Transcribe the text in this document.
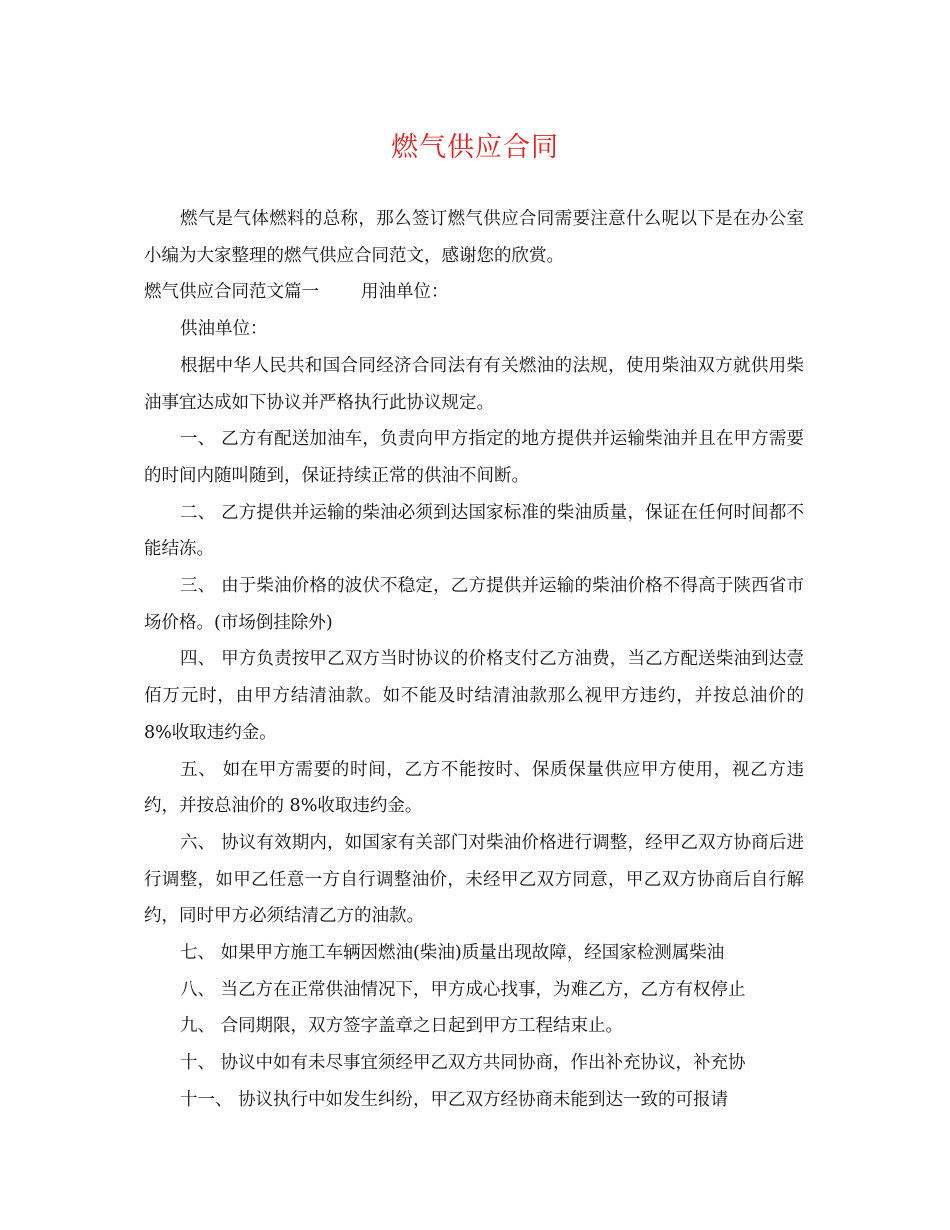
燃气供应合同

燃气是气体燃料的总称，那么签订燃气供应合同需要注意什么呢以下是在办公室小编为大家整理的燃气供应合同范文，感谢您的欣赏。

燃气供应合同范文篇一 用油单位：

供油单位：

根据中华人民共和国合同经济合同法有有关燃油的法规，使用柴油双方就供用柴油事宜达成如下协议并严格执行此协议规定。

一、 乙方有配送加油车，负责向甲方指定的地方提供并运输柴油并且在甲方需要的时间内随叫随到，保证持续正常的供油不间断。

二、 乙方提供并运输的柴油必须到达国家标准的柴油质量，保证在任何时间都不能结冻。

三、 由于柴油价格的波伏不稳定，乙方提供并运输的柴油价格不得高于陕西省市场价格。(市场倒挂除外)

四、 甲方负责按甲乙双方当时协议的价格支付乙方油费，当乙方配送柴油到达壹佰万元时，由甲方结清油款。如不能及时结清油款那么视甲方违约，并按总油价的 8%收取违约金。

五、 如在甲方需要的时间，乙方不能按时、保质保量供应甲方使用，视乙方违约，并按总油价的 8%收取违约金。

六、 协议有效期内，如国家有关部门对柴油价格进行调整，经甲乙双方协商后进行调整，如甲乙任意一方自行调整油价，未经甲乙双方同意，甲乙双方协商后自行解约，同时甲方必须结清乙方的油款。

七、 如果甲方施工车辆因燃油(柴油)质量出现故障，经国家检测属柴油

八、 当乙方在正常供油情况下，甲方成心找事，为难乙方，乙方有权停止

九、 合同期限，双方签字盖章之日起到甲方工程结束止。

十、 协议中如有未尽事宜须经甲乙双方共同协商，作出补充协议，补充协

十一、 协议执行中如发生纠纷，甲乙双方经协商未能到达一致的可报请
